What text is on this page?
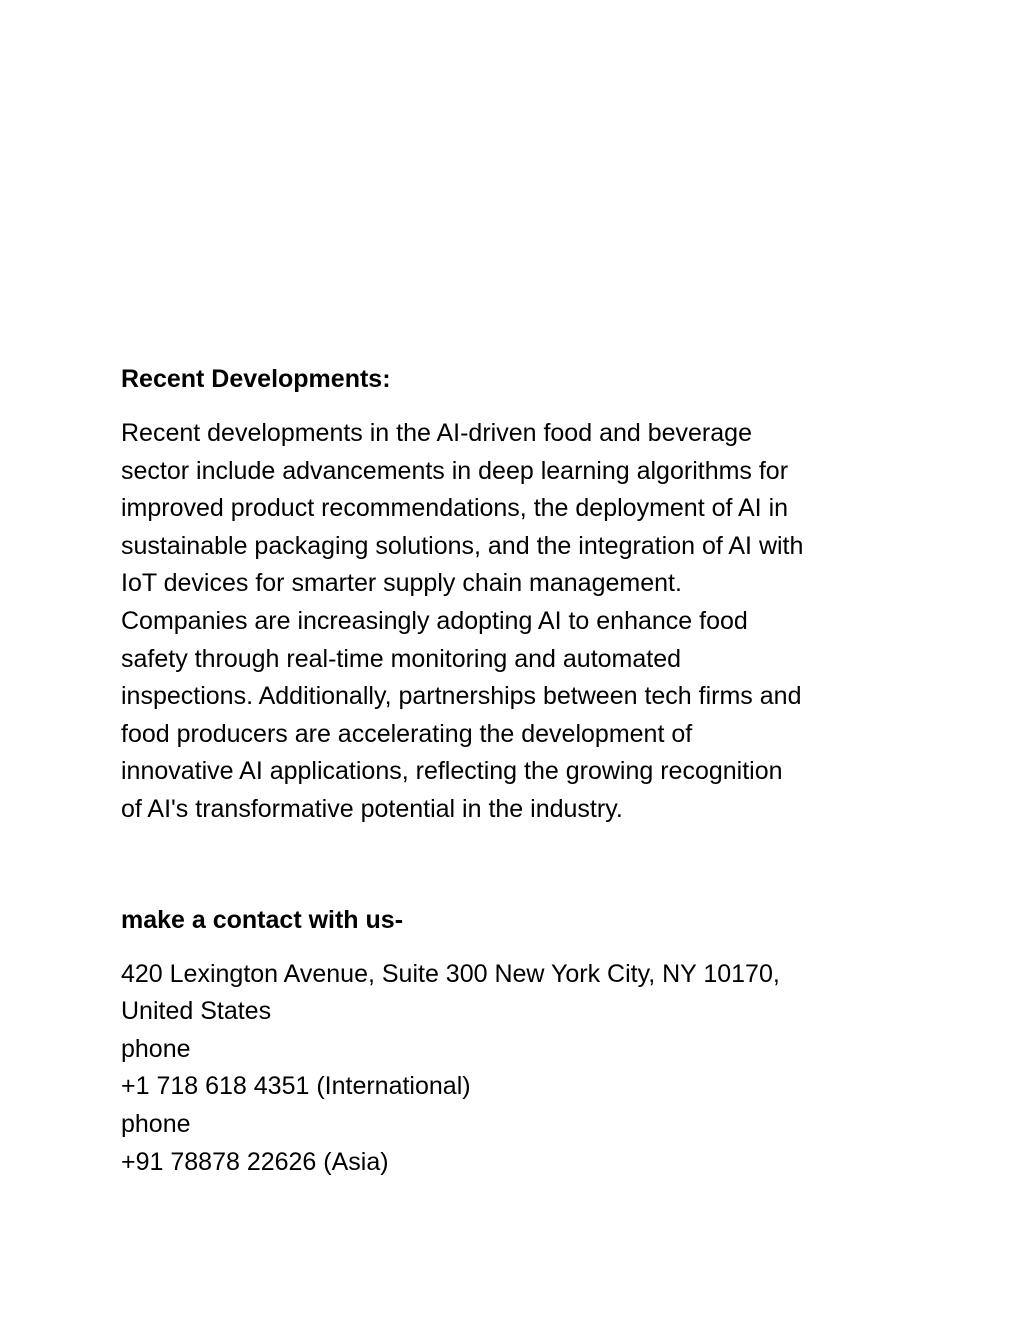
Recent Developments:
Recent developments in the AI-driven food and beverage
sector include advancements in deep learning algorithms for
improved product recommendations, the deployment of AI in
sustainable packaging solutions, and the integration of AI with
IoT devices for smarter supply chain management.
Companies are increasingly adopting AI to enhance food
safety through real-time monitoring and automated
inspections. Additionally, partnerships between tech firms and
food producers are accelerating the development of
innovative AI applications, reflecting the growing recognition
of AI's transformative potential in the industry.
make a contact with us-
420 Lexington Avenue, Suite 300 New York City, NY 10170,
United States
phone
+1 718 618 4351 (International)
phone
+91 78878 22626 (Asia)
